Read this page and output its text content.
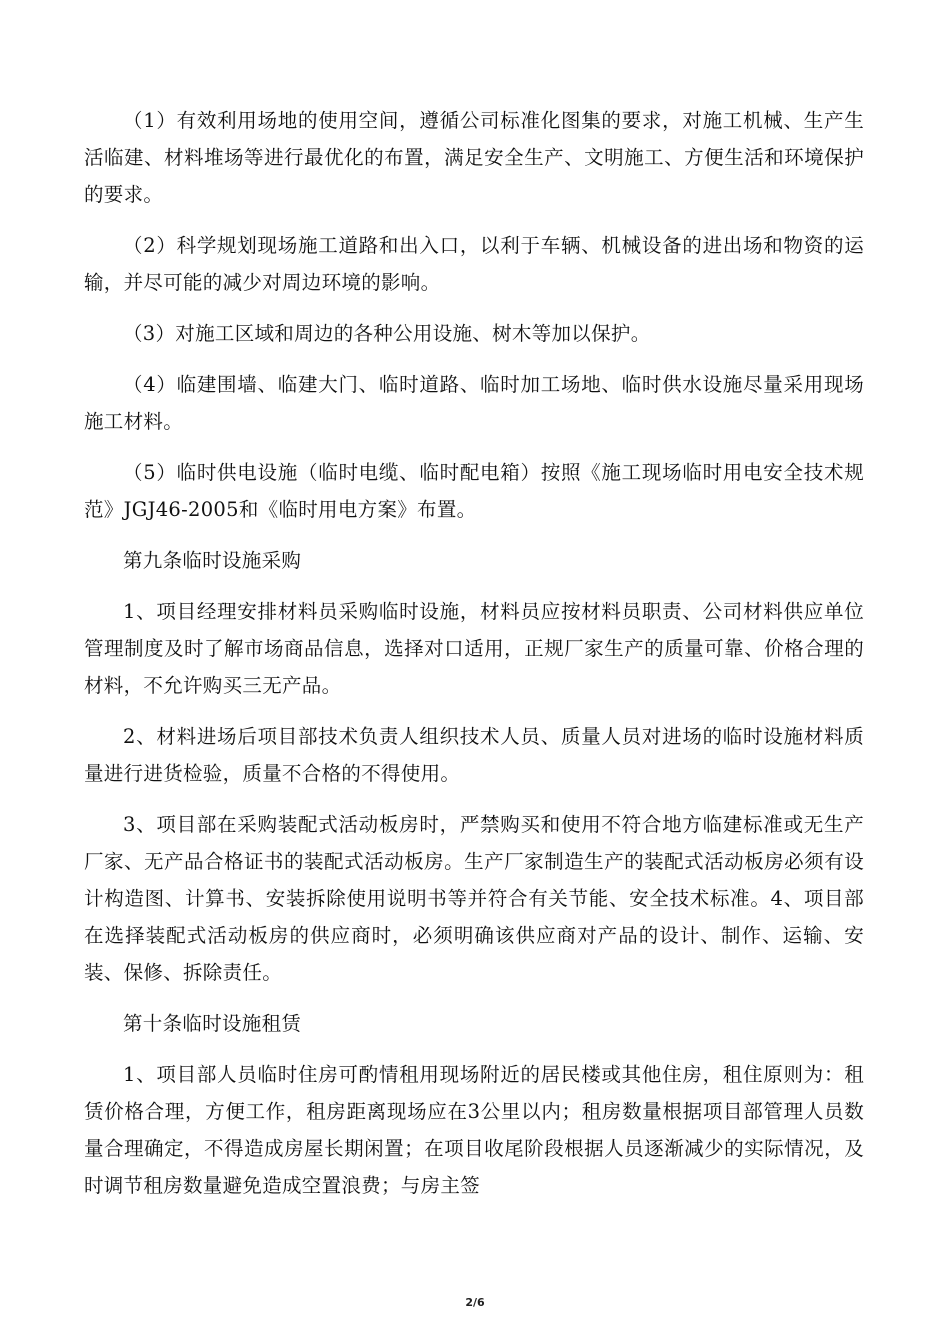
（1）有效利用场地的使用空间，遵循公司标准化图集的要求，对施工机械、生产生活临建、材料堆场等进行最优化的布置，满足安全生产、文明施工、方便生活和环境保护的要求。

（2）科学规划现场施工道路和出入口，以利于车辆、机械设备的进出场和物资的运输，并尽可能的减少对周边环境的影响。

（3）对施工区域和周边的各种公用设施、树木等加以保护。

（4）临建围墙、临建大门、临时道路、临时加工场地、临时供水设施尽量采用现场施工材料。

（5）临时供电设施（临时电缆、临时配电箱）按照《施工现场临时用电安全技术规范》JGJ46-2005和《临时用电方案》布置。

第九条临时设施采购

1、项目经理安排材料员采购临时设施，材料员应按材料员职责、公司材料供应单位管理制度及时了解市场商品信息，选择对口适用，正规厂家生产的质量可靠、价格合理的材料，不允许购买三无产品。

2、材料进场后项目部技术负责人组织技术人员、质量人员对进场的临时设施材料质量进行进货检验，质量不合格的不得使用。

3、项目部在采购装配式活动板房时，严禁购买和使用不符合地方临建标准或无生产厂家、无产品合格证书的装配式活动板房。生产厂家制造生产的装配式活动板房必须有设计构造图、计算书、安装拆除使用说明书等并符合有关节能、安全技术标准。4、项目部在选择装配式活动板房的供应商时，必须明确该供应商对产品的设计、制作、运输、安装、保修、拆除责任。

第十条临时设施租赁

1、项目部人员临时住房可酌情租用现场附近的居民楼或其他住房，租住原则为：租赁价格合理，方便工作，租房距离现场应在3公里以内；租房数量根据项目部管理人员数量合理确定，不得造成房屋长期闲置；在项目收尾阶段根据人员逐渐减少的实际情况，及时调节租房数量避免造成空置浪费；与房主签

2/6
